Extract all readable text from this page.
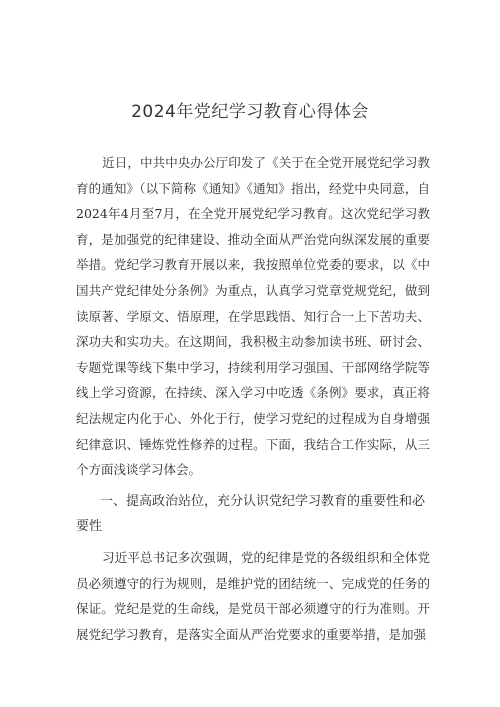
2024年党纪学习教育心得体会
近日，中共中央办公厅印发了《关于在全党开展党纪学习教育的通知》（以下简称《通知》《通知》指出，经党中央同意，自2024年4月至7月，在全党开展党纪学习教育。这次党纪学习教育，是加强党的纪律建设、推动全面从严治党向纵深发展的重要举措。党纪学习教育开展以来，我按照单位党委的要求，以《中国共产党纪律处分条例》为重点，认真学习党章党规党纪，做到读原著、学原文、悟原理，在学思践悟、知行合一上下苦功夫、深功夫和实功夫。在这期间，我积极主动参加读书班、研讨会、专题党课等线下集中学习，持续利用学习强国、干部网络学院等线上学习资源，在持续、深入学习中吃透《条例》要求，真正将纪法规定内化于心、外化于行，使学习党纪的过程成为自身增强纪律意识、锤炼党性修养的过程。下面，我结合工作实际，从三个方面浅谈学习体会。
一、提高政治站位，充分认识党纪学习教育的重要性和必要性
习近平总书记多次强调，党的纪律是党的各级组织和全体党员必须遵守的行为规则，是维护党的团结统一、完成党的任务的保证。党纪是党的生命线，是党员干部必须遵守的行为准则。开展党纪学习教育，是落实全面从严治党要求的重要举措，是加强
